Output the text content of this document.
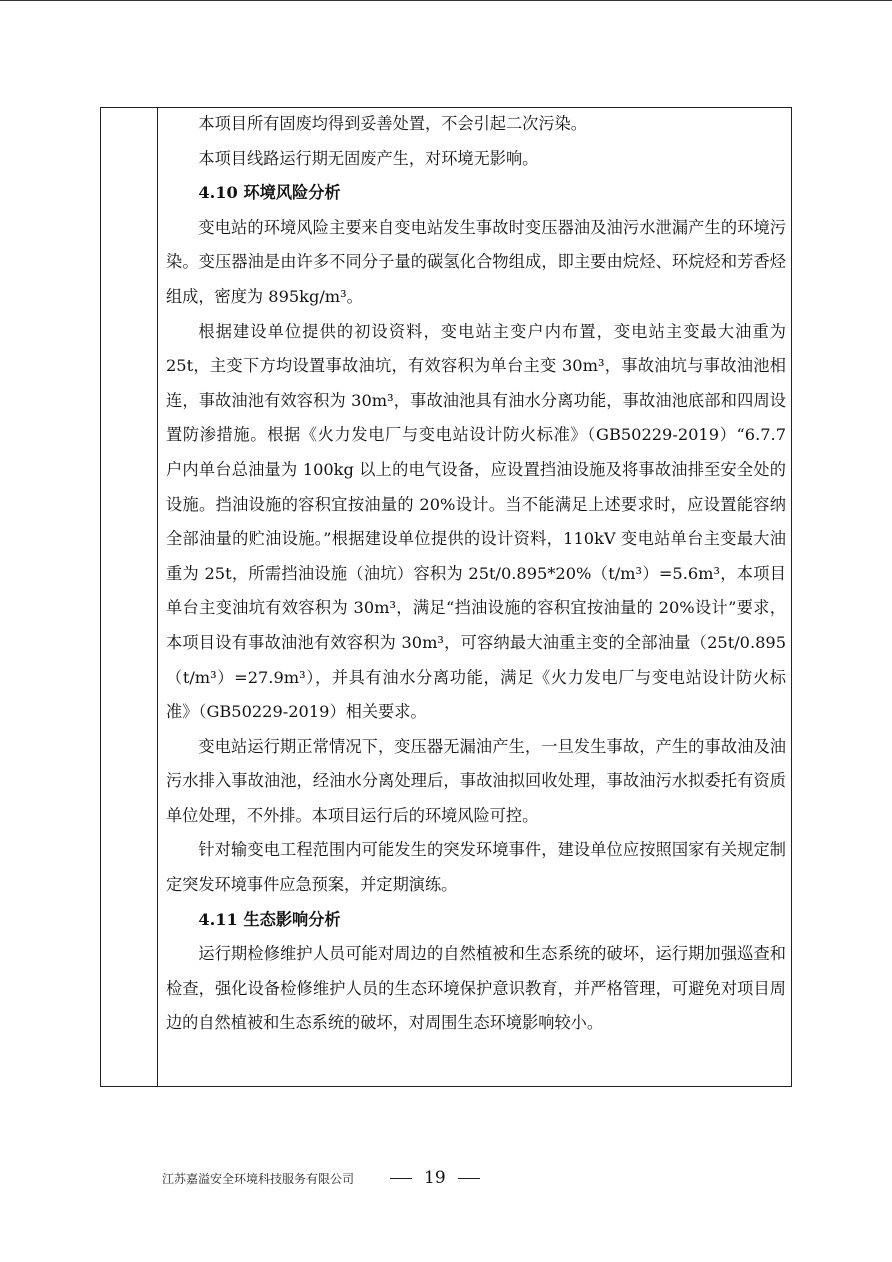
本项目所有固废均得到妥善处置，不会引起二次污染。

本项目线路运行期无固废产生，对环境无影响。

4.10 环境风险分析

变电站的环境风险主要来自变电站发生事故时变压器油及油污水泄漏产生的环境污染。变压器油是由许多不同分子量的碳氢化合物组成，即主要由烷烃、环烷烃和芳香烃组成，密度为 895kg/m³。

根据建设单位提供的初设资料，变电站主变户内布置，变电站主变最大油重为 25t，主变下方均设置事故油坑，有效容积为单台主变 30m³，事故油坑与事故油池相连，事故油池有效容积为 30m³，事故油池具有油水分离功能，事故油池底部和四周设置防渗措施。根据《火力发电厂与变电站设计防火标准》（GB50229-2019）“6.7.7 户内单台总油量为 100kg 以上的电气设备，应设置挡油设施及将事故油排至安全处的设施。挡油设施的容积宜按油量的 20%设计。当不能满足上述要求时，应设置能容纳全部油量的贮油设施。”根据建设单位提供的设计资料，110kV 变电站单台主变最大油重为 25t，所需挡油设施（油坑）容积为 25t/0.895*20%（t/m³）=5.6m³，本项目单台主变油坑有效容积为 30m³，满足“挡油设施的容积宜按油量的 20%设计”要求，本项目设有事故油池有效容积为 30m³，可容纳最大油重主变的全部油量（25t/0.895（t/m³）=27.9m³），并具有油水分离功能，满足《火力发电厂与变电站设计防火标准》（GB50229-2019）相关要求。

变电站运行期正常情况下，变压器无漏油产生，一旦发生事故，产生的事故油及油污水排入事故油池，经油水分离处理后，事故油拟回收处理，事故油污水拟委托有资质单位处理，不外排。本项目运行后的环境风险可控。

针对输变电工程范围内可能发生的突发环境事件，建设单位应按照国家有关规定制定突发环境事件应急预案，并定期演练。

4.11 生态影响分析

运行期检修维护人员可能对周边的自然植被和生态系统的破坏，运行期加强巡查和检查，强化设备检修维护人员的生态环境保护意识教育，并严格管理，可避免对项目周边的自然植被和生态系统的破坏，对周围生态环境影响较小。

江苏嘉溢安全环境科技服务有限公司	19
